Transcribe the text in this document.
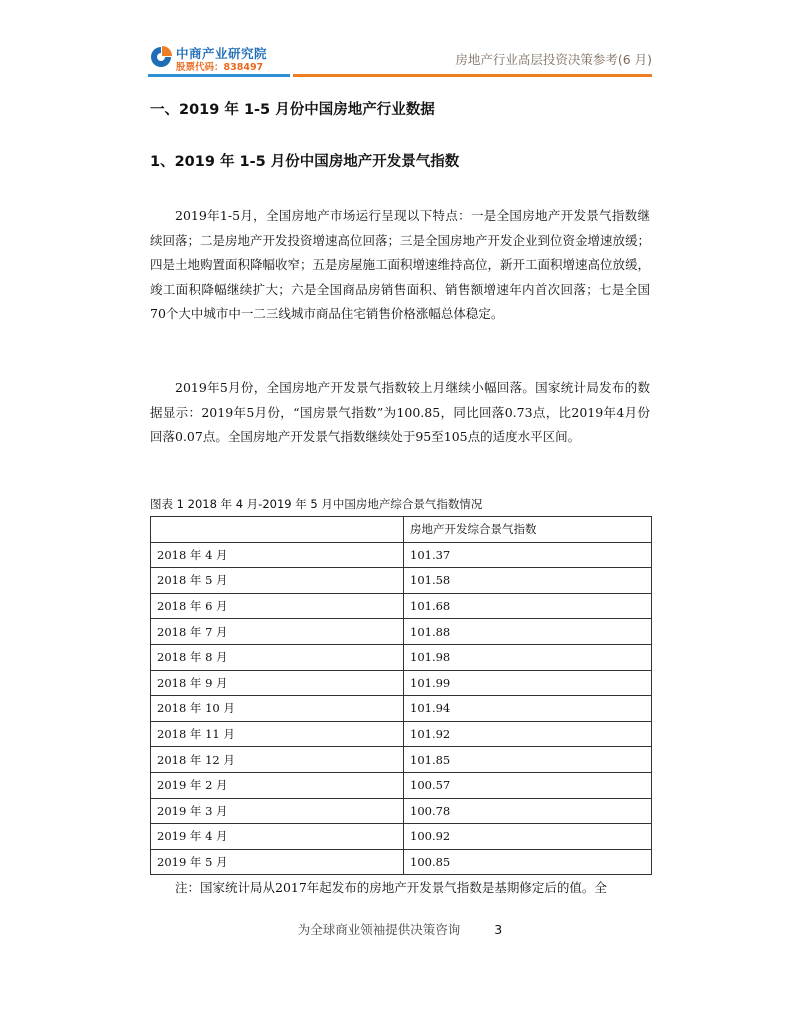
中商产业研究院
股票代码：838497
房地产行业高层投资决策参考(6 月)
一、2019 年 1-5 月份中国房地产行业数据
1、2019 年 1-5 月份中国房地产开发景气指数

2019年1-5月，全国房地产市场运行呈现以下特点：一是全国房地产开发景气指数继续回落；二是房地产开发投资增速高位回落；三是全国房地产开发企业到位资金增速放缓；四是土地购置面积降幅收窄；五是房屋施工面积增速维持高位，新开工面积增速高位放缓，竣工面积降幅继续扩大；六是全国商品房销售面积、销售额增速年内首次回落；七是全国70个大中城市中一二三线城市商品住宅销售价格涨幅总体稳定。

2019年5月份，全国房地产开发景气指数较上月继续小幅回落。国家统计局发布的数据显示：2019年5月份，“国房景气指数”为100.85，同比回落0.73点，比2019年4月份回落0.07点。全国房地产开发景气指数继续处于95至105点的适度水平区间。

图表 1 2018 年 4 月-2019 年 5 月中国房地产综合景气指数情况

	房地产开发综合景气指数
2018 年 4 月	101.37
2018 年 5 月	101.58
2018 年 6 月	101.68
2018 年 7 月	101.88
2018 年 8 月	101.98
2018 年 9 月	101.99
2018 年 10 月	101.94
2018 年 11 月	101.92
2018 年 12 月	101.85
2019 年 2 月	100.57
2019 年 3 月	100.78
2019 年 4 月	100.92
2019 年 5 月	100.85

注：国家统计局从2017年起发布的房地产开发景气指数是基期修定后的值。全

为全球商业领袖提供决策咨询	3
